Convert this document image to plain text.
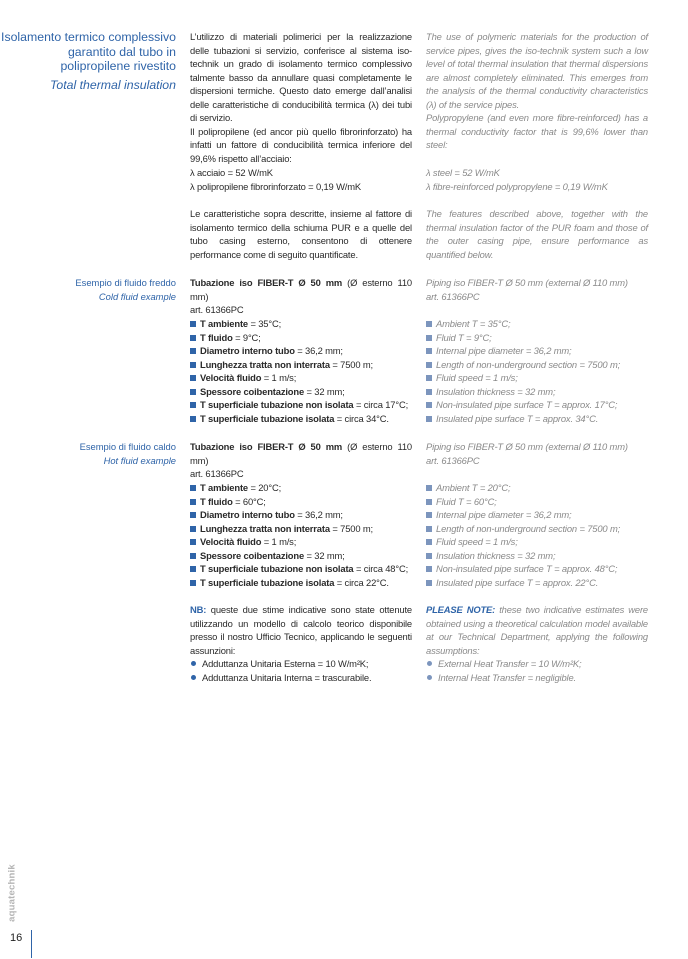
Isolamento termico complessivo garantito dal tubo in polipropilene rivestito

Total thermal insulation

L’utilizzo di materiali polimerici per la realizzazione delle tubazioni si servizio, conferisce al sistema iso-technik un grado di isolamento termico complessivo talmente basso da annullare quasi completamente le dispersioni termiche. Questo dato emerge dall’analisi delle caratteristiche di conducibilità termica (λ) dei tubi di servizio.

Il polipropilene (ed ancor più quello fibrorinforzato) ha infatti un fattore di conducibilità termica inferiore del 99,6% rispetto all’acciaio:

The use of polymeric materials for the production of service pipes, gives the iso-technik system such a low level of total thermal insulation that thermal dispersions are almost completely eliminated. This emerges from the analysis of the thermal conductivity characteristics (λ) of the service pipes.

Polypropylene (and even more fibre-reinforced) has a thermal conductivity factor that is 99,6% lower than steel:

λ acciaio = 52 W/mK

λ polipropilene fibrorinforzato = 0,19 W/mK

λ steel = 52 W/mK

λ fibre-reinforced polypropylene = 0,19 W/mK

Le caratteristiche sopra descritte, insieme al fattore di isolamento termico della schiuma PUR e a quelle del tubo casing esterno, consentono di ottenere performance come di seguito quantificate.

The features described above, together with the thermal insulation factor of the PUR foam and those of the outer casing pipe, ensure performance as quantified below.

Esempio di fluido freddo

Cold fluid example

Tubazione iso FIBER-T Ø 50 mm (Ø esterno 110 mm)

art. 61366PC

Piping iso FIBER-T Ø 50 mm (external Ø 110 mm)

art. 61366PC

T ambiente = 35°C;
T fluido = 9°C;
Diametro interno tubo = 36,2 mm;
Lunghezza tratta non interrata = 7500 m;
Velocità fluido = 1 m/s;
Spessore coibentazione = 32 mm;
T superficiale tubazione non isolata = circa 17°C;
T superficiale tubazione isolata = circa 34°C.
Ambient T = 35°C;
Fluid T = 9°C;
Internal pipe diameter = 36,2 mm;
Length of non-underground section = 7500 m;
Fluid speed = 1 m/s;
Insulation thickness = 32 mm;
Non-insulated pipe surface T = approx. 17°C;
Insulated pipe surface T = approx. 34°C.

Esempio di fluido caldo

Hot fluid example

Tubazione iso FIBER-T Ø 50 mm (Ø esterno 110 mm)

art. 61366PC

Piping iso FIBER-T Ø 50 mm (external Ø 110 mm)

art. 61366PC

T ambiente = 20°C;
T fluido = 60°C;
Diametro interno tubo = 36,2 mm;
Lunghezza tratta non interrata = 7500 m;
Velocità fluido = 1 m/s;
Spessore coibentazione = 32 mm;
T superficiale tubazione non isolata = circa 48°C;
T superficiale tubazione isolata = circa 22°C.
Ambient T = 20°C;
Fluid T = 60°C;
Internal pipe diameter = 36,2 mm;
Length of non-underground section = 7500 m;
Fluid speed = 1 m/s;
Insulation thickness = 32 mm;
Non-insulated pipe surface T = approx. 48°C;
Insulated pipe surface T = approx. 22°C.

NB: queste due stime indicative sono state ottenute utilizzando un modello di calcolo teorico disponibile presso il nostro Ufficio Tecnico, applicando le seguenti assunzioni:

Adduttanza Unitaria Esterna = 10 W/m²K;
Adduttanza Unitaria Interna = trascurabile.

PLEASE NOTE: these two indicative estimates were obtained using a theoretical calculation model available at our Technical Department, applying the following assumptions:

External Heat Transfer = 10 W/m²K;
Internal Heat Transfer = negligible.
aquatechnik
16
